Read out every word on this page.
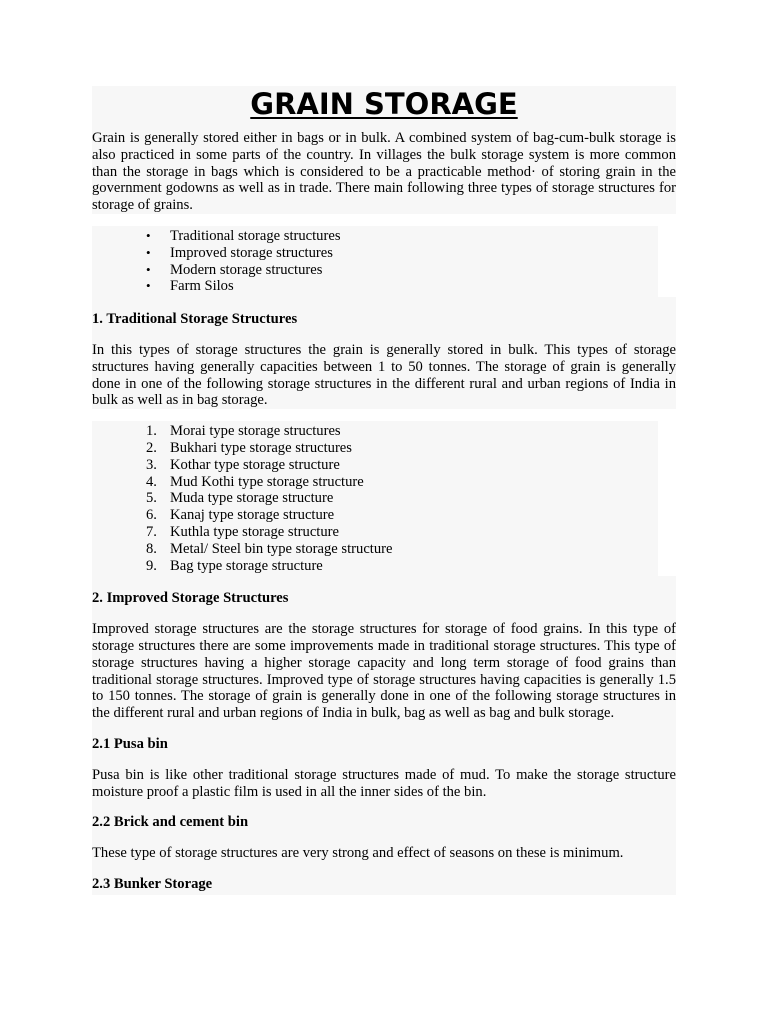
GRAIN STORAGE

Grain is generally stored either in bags or in bulk. A combined system of bag-cum-bulk storage is also practiced in some parts of the country. In villages the bulk storage system is more common than the storage in bags which is considered to be a practicable method· of storing grain in the government godowns as well as in trade. There main following three types of storage structures for storage of grains.

• Traditional storage structures
• Improved storage structures
• Modern storage structures
• Farm Silos
1. Traditional Storage Structures

In this types of storage structures the grain is generally stored in bulk. This types of storage structures having generally capacities between 1 to 50 tonnes. The storage of grain is generally done in one of the following storage structures in the different rural and urban regions of India in bulk as well as in bag storage.

1. Morai type storage structures
2. Bukhari type storage structures
3. Kothar type storage structure
4. Mud Kothi type storage structure
5. Muda type storage structure
6. Kanaj type storage structure
7. Kuthla type storage structure
8. Metal/ Steel bin type storage structure
9. Bag type storage structure
2. Improved Storage Structures

Improved storage structures are the storage structures for storage of food grains. In this type of storage structures there are some improvements made in traditional storage structures. This type of storage structures having a higher storage capacity and long term storage of food grains than traditional storage structures. Improved type of storage structures having capacities is generally 1.5 to 150 tonnes. The storage of grain is generally done in one of the following storage structures in the different rural and urban regions of India in bulk, bag as well as bag and bulk storage.

2.1 Pusa bin

Pusa bin is like other traditional storage structures made of mud. To make the storage structure moisture proof a plastic film is used in all the inner sides of the bin.

2.2 Brick and cement bin

These type of storage structures are very strong and effect of seasons on these is minimum.

2.3 Bunker Storage
